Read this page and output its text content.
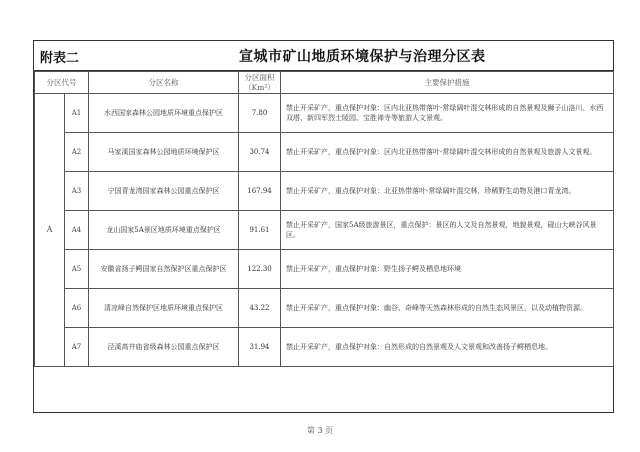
附表二	宣城市矿山地质环境保护与治理分区表
分区代号		分区名称	分区面积（Km²）	主要保护措施
A	A1	水西国家森林公园地质环境重点保护区	7.80	禁止开采矿产，重点保护对象：区内北亚热带落叶-常绿阔叶混交林形成的自然景观及狮子山洛川、水西双塔、新四军烈士陵园、宝胜禅寺等旅游人文景观。
	A2	马家溪国家森林公园地质环境保护区	30.74	禁止开采矿产，重点保护对象：区内北亚热带落叶-常绿阔叶混交林形成的自然景观及旅游人文景观。
	A3	宁国青龙湾国家森林公园重点保护区	167.94	禁止开采矿产，重点保护对象：北亚热带落叶-常绿阔叶混交林，珍稀野生动物及港口青龙湾。
	A4	龙山国家5A景区地质环境重点保护区	91.61	禁止开采矿产，国家5A级旅游景区，重点保护：景区的人文及自然景观，地貌景观，砚山大峡谷风景区。
	A5	安徽省扬子鳄国家自然保护区重点保护区	122.30	禁止开采矿产，重点保护对象：野生扬子鳄及栖息地环境
	A6	清凉峰自然保护区地质环境重点保护区	43.22	禁止开采矿产，重点保护对象：幽谷、奇峰等天然森林形成的自然生态风景区，以及动植物资源。
	A7	泾溪高井庙省级森林公园重点保护区	31.94	禁止开采矿产，重点保护对象：自然形成的自然景观及人文景观和改善扬子鳄栖息地。
第 3 页
